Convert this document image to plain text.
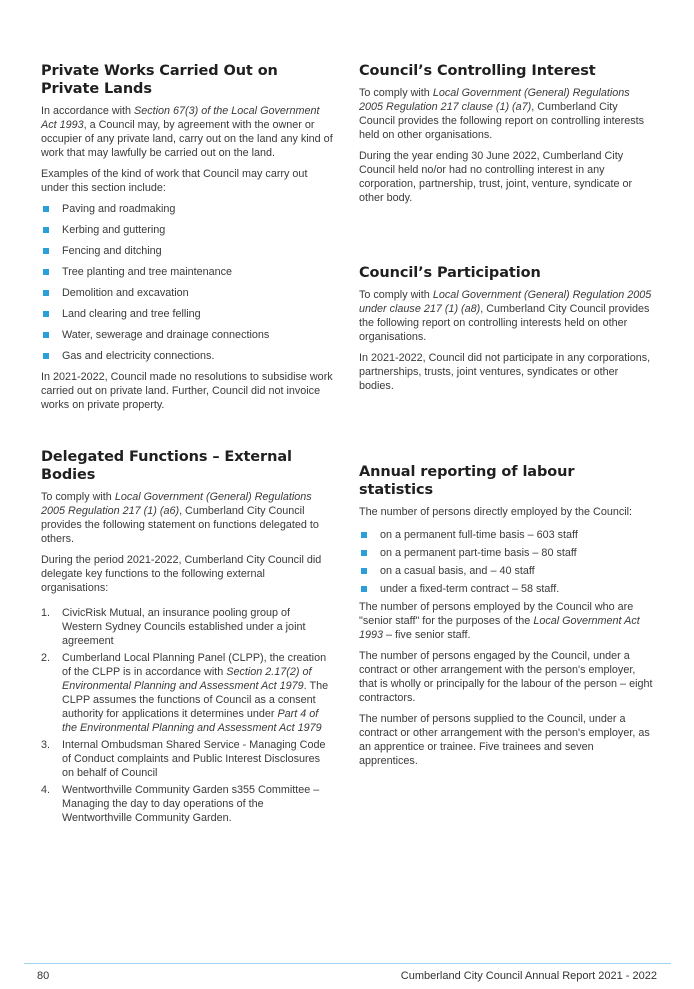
Private Works Carried Out on Private Lands

In accordance with Section 67(3) of the Local Government Act 1993, a Council may, by agreement with the owner or occupier of any private land, carry out on the land any kind of work that may lawfully be carried out on the land.

Examples of the kind of work that Council may carry out under this section include:

Paving and roadmaking
Kerbing and guttering
Fencing and ditching
Tree planting and tree maintenance
Demolition and excavation
Land clearing and tree felling
Water, sewerage and drainage connections
Gas and electricity connections.

In 2021-2022, Council made no resolutions to subsidise work carried out on private land. Further, Council did not invoice works on private property.

Delegated Functions – External Bodies

To comply with Local Government (General) Regulations 2005 Regulation 217 (1) (a6), Cumberland City Council provides the following statement on functions delegated to others.

During the period 2021-2022, Cumberland City Council did delegate key functions to the following external organisations:

1. CivicRisk Mutual, an insurance pooling group of Western Sydney Councils established under a joint agreement
2. Cumberland Local Planning Panel (CLPP), the creation of the CLPP is in accordance with Section 2.17(2) of Environmental Planning and Assessment Act 1979. The CLPP assumes the functions of Council as a consent authority for applications it determines under Part 4 of the Environmental Planning and Assessment Act 1979
3. Internal Ombudsman Shared Service - Managing Code of Conduct complaints and Public Interest Disclosures on behalf of Council
4. Wentworthville Community Garden s355 Committee – Managing the day to day operations of the Wentworthville Community Garden.
Council’s Controlling Interest

To comply with Local Government (General) Regulations 2005 Regulation 217 clause (1) (a7), Cumberland City Council provides the following report on controlling interests held on other organisations.

During the year ending 30 June 2022, Cumberland City Council held no/or had no controlling interest in any corporation, partnership, trust, joint, venture, syndicate or other body.

Council’s Participation

To comply with Local Government (General) Regulation 2005 under clause 217 (1) (a8), Cumberland City Council provides the following report on controlling interests held on other organisations.

In 2021-2022, Council did not participate in any corporations, partnerships, trusts, joint ventures, syndicates or other bodies.

Annual reporting of labour statistics

The number of persons directly employed by the Council:

on a permanent full-time basis – 603 staff
on a permanent part-time basis – 80 staff
on a casual basis, and – 40 staff
under a fixed-term contract – 58 staff.

The number of persons employed by the Council who are "senior staff" for the purposes of the Local Government Act 1993 – five senior staff.

The number of persons engaged by the Council, under a contract or other arrangement with the person's employer, that is wholly or principally for the labour of the person – eight contractors.

The number of persons supplied to the Council, under a contract or other arrangement with the person's employer, as an apprentice or trainee. Five trainees and seven apprentices.

80	Cumberland City Council Annual Report 2021 - 2022
